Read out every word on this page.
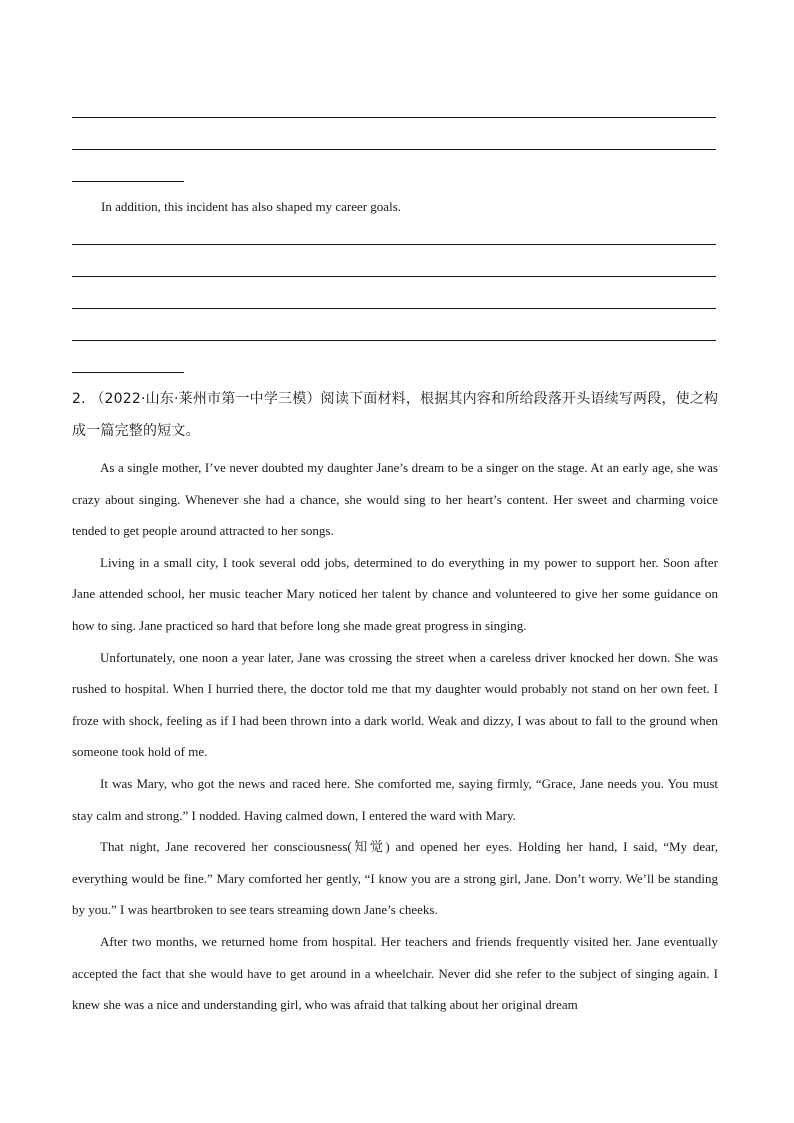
In addition, this incident has also shaped my career goals.
2． （2022·山东·莱州市第一中学三模）阅读下面材料，根据其内容和所给段落开头语续写两段，使之构成一篇完整的短文。

As a single mother, I’ve never doubted my daughter Jane’s dream to be a singer on the stage. At an early age, she was crazy about singing. Whenever she had a chance, she would sing to her heart’s content. Her sweet and charming voice tended to get people around attracted to her songs.

Living in a small city, I took several odd jobs, determined to do everything in my power to support her. Soon after Jane attended school, her music teacher Mary noticed her talent by chance and volunteered to give her some guidance on how to sing. Jane practiced so hard that before long she made great progress in singing.

Unfortunately, one noon a year later, Jane was crossing the street when a careless driver knocked her down. She was rushed to hospital. When I hurried there, the doctor told me that my daughter would probably not stand on her own feet. I froze with shock, feeling as if I had been thrown into a dark world. Weak and dizzy, I was about to fall to the ground when someone took hold of me.

It was Mary, who got the news and raced here. She comforted me, saying firmly, “Grace, Jane needs you. You must stay calm and strong.” I nodded. Having calmed down, I entered the ward with Mary.

That night, Jane recovered her consciousness(知觉) and opened her eyes. Holding her hand, I said, “My dear, everything would be fine.” Mary comforted her gently, “I know you are a strong girl, Jane. Don’t worry. We’ll be standing by you.” I was heartbroken to see tears streaming down Jane’s cheeks.

After two months, we returned home from hospital. Her teachers and friends frequently visited her. Jane eventually accepted the fact that she would have to get around in a wheelchair. Never did she refer to the subject of singing again. I knew she was a nice and understanding girl, who was afraid that talking about her original dream
